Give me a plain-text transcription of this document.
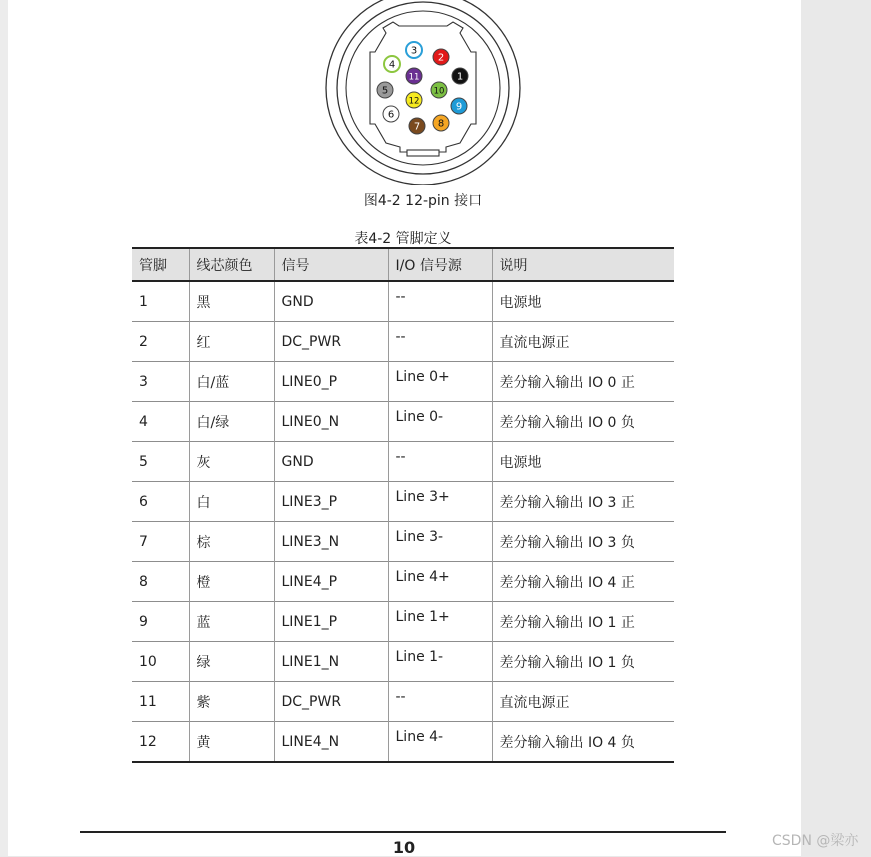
1
2
3
4
5
6
7 8
9
10
11
12
图4-2 12-pin 接口
表4-2 管脚定义
管脚	线芯颜色	信号	I/O 信号源	说明
1	黑	GND	--	电源地
2	红	DC_PWR	--	直流电源正
3	白/蓝	LINE0_P	Line 0+	差分输入输出 IO 0 正
4	白/绿	LINE0_N	Line 0-	差分输入输出 IO 0 负
5	灰	GND	--	电源地
6	白	LINE3_P	Line 3+	差分输入输出 IO 3 正
7	棕	LINE3_N	Line 3-	差分输入输出 IO 3 负
8	橙	LINE4_P	Line 4+	差分输入输出 IO 4 正
9	蓝	LINE1_P	Line 1+	差分输入输出 IO 1 正
10	绿	LINE1_N	Line 1-	差分输入输出 IO 1 负
11	紫	DC_PWR	--	直流电源正
12	黄	LINE4_N	Line 4-	差分输入输出 IO 4 负
10	CSDN @梁亦
